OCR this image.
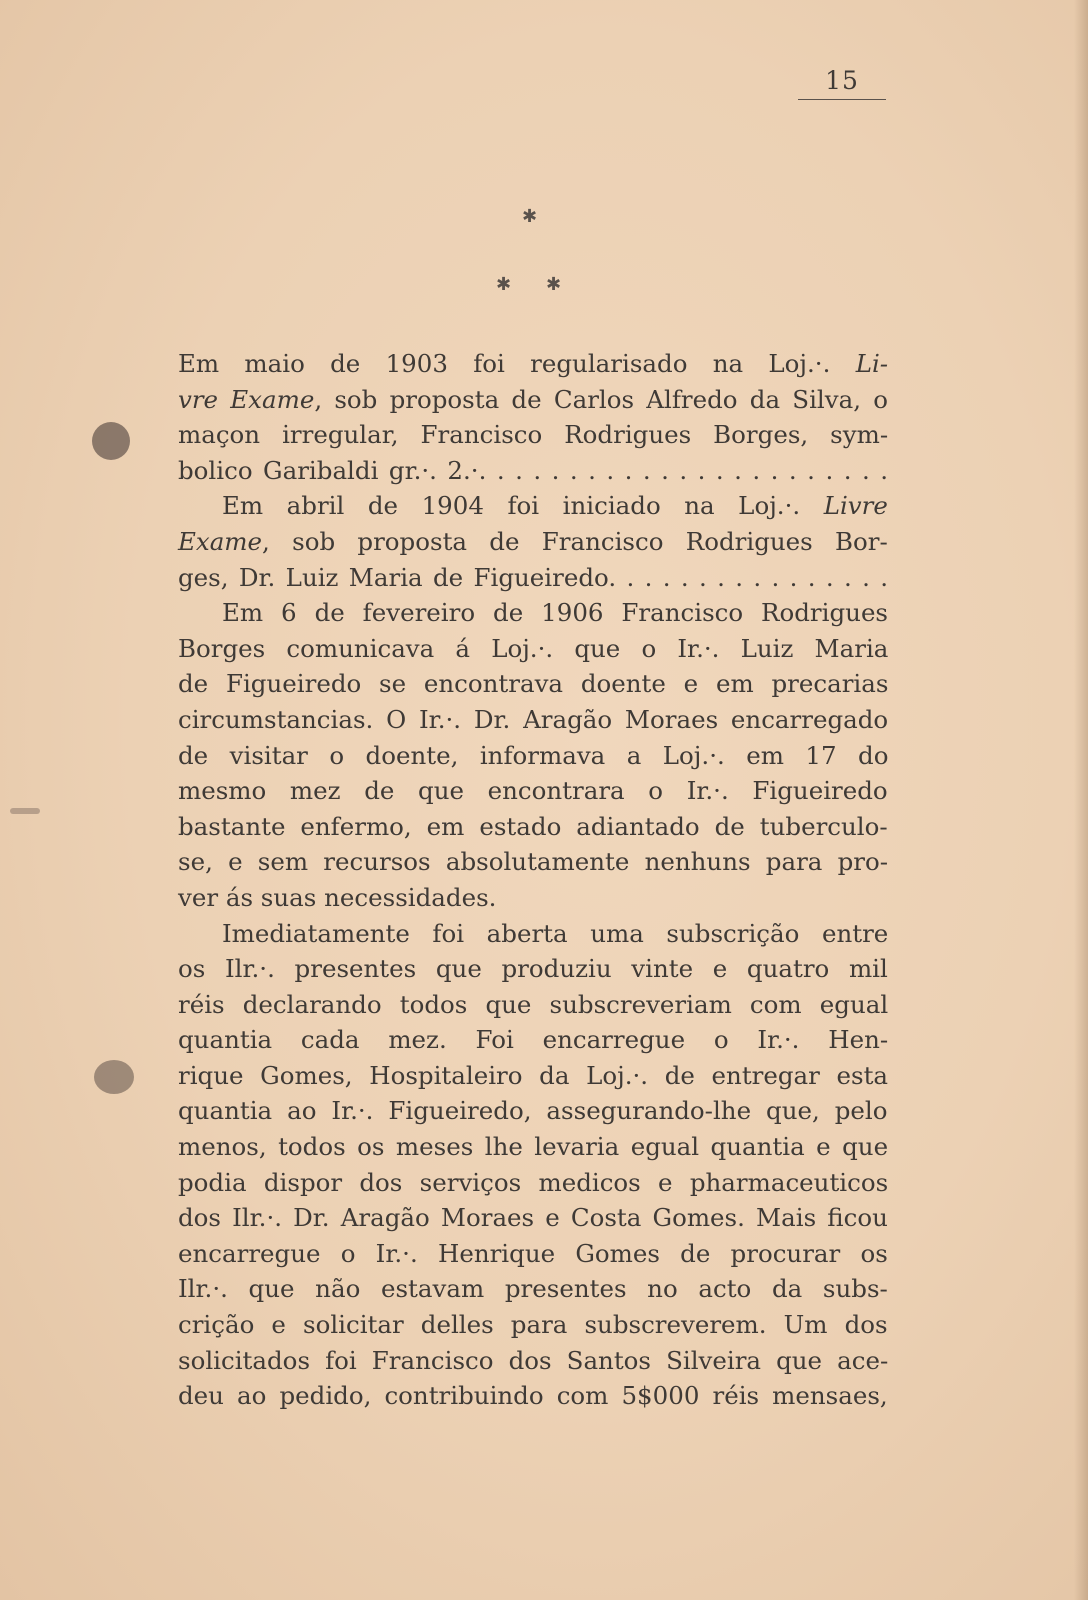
15
✱
✱ ✱
Em maio de 1903 foi regularisado na Loj.·. Li-
vre Exame, sob proposta de Carlos Alfredo da Silva, o
maçon irregular, Francisco Rodrigues Borges, sym-
bolico Garibaldi gr.·. 2.·. . . . . . . . . . . . . . . . . . . . . . .
Em abril de 1904 foi iniciado na Loj.·. Livre
Exame, sob proposta de Francisco Rodrigues Bor-
ges, Dr. Luiz Maria de Figueiredo. . . . . . . . . . . . . . . .
Em 6 de fevereiro de 1906 Francisco Rodrigues
Borges comunicava á Loj.·. que o Ir.·. Luiz Maria
de Figueiredo se encontrava doente e em precarias
circumstancias. O Ir.·. Dr. Aragão Moraes encarregado
de visitar o doente, informava a Loj.·. em 17 do
mesmo mez de que encontrara o Ir.·. Figueiredo
bastante enfermo, em estado adiantado de tuberculo-
se, e sem recursos absolutamente nenhuns para pro-
ver ás suas necessidades.
Imediatamente foi aberta uma subscrição entre
os Ilr.·. presentes que produziu vinte e quatro mil
réis declarando todos que subscreveriam com egual
quantia cada mez. Foi encarregue o Ir.·. Hen-
rique Gomes, Hospitaleiro da Loj.·. de entregar esta
quantia ao Ir.·. Figueiredo, assegurando-lhe que, pelo
menos, todos os meses lhe levaria egual quantia e que
podia dispor dos serviços medicos e pharmaceuticos
dos Ilr.·. Dr. Aragão Moraes e Costa Gomes. Mais ficou
encarregue o Ir.·. Henrique Gomes de procurar os
Ilr.·. que não estavam presentes no acto da subs-
crição e solicitar delles para subscreverem. Um dos
solicitados foi Francisco dos Santos Silveira que ace-
deu ao pedido, contribuindo com 5$000 réis mensaes,
